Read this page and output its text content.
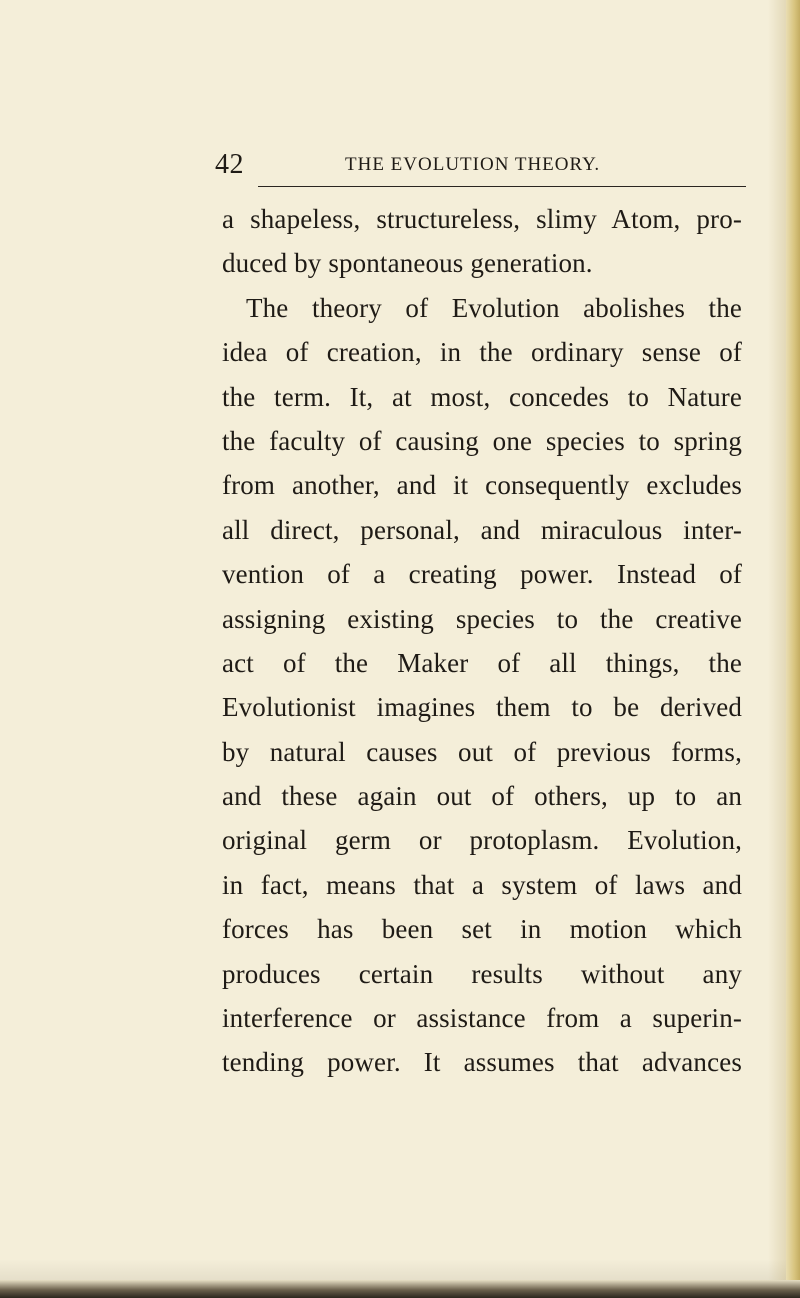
42	THE EVOLUTION THEORY.
a shapeless, structureless, slimy Atom, pro-
duced by spontaneous generation.
The theory of Evolution abolishes the
idea of creation, in the ordinary sense of
the term. It, at most, concedes to Nature
the faculty of causing one species to spring
from another, and it consequently excludes
all direct, personal, and miraculous inter-
vention of a creating power. Instead of
assigning existing species to the creative
act of the Maker of all things, the
Evolutionist imagines them to be derived
by natural causes out of previous forms,
and these again out of others, up to an
original germ or protoplasm. Evolution,
in fact, means that a system of laws and
forces has been set in motion which
produces certain results without any
interference or assistance from a superin-
tending power. It assumes that advances
